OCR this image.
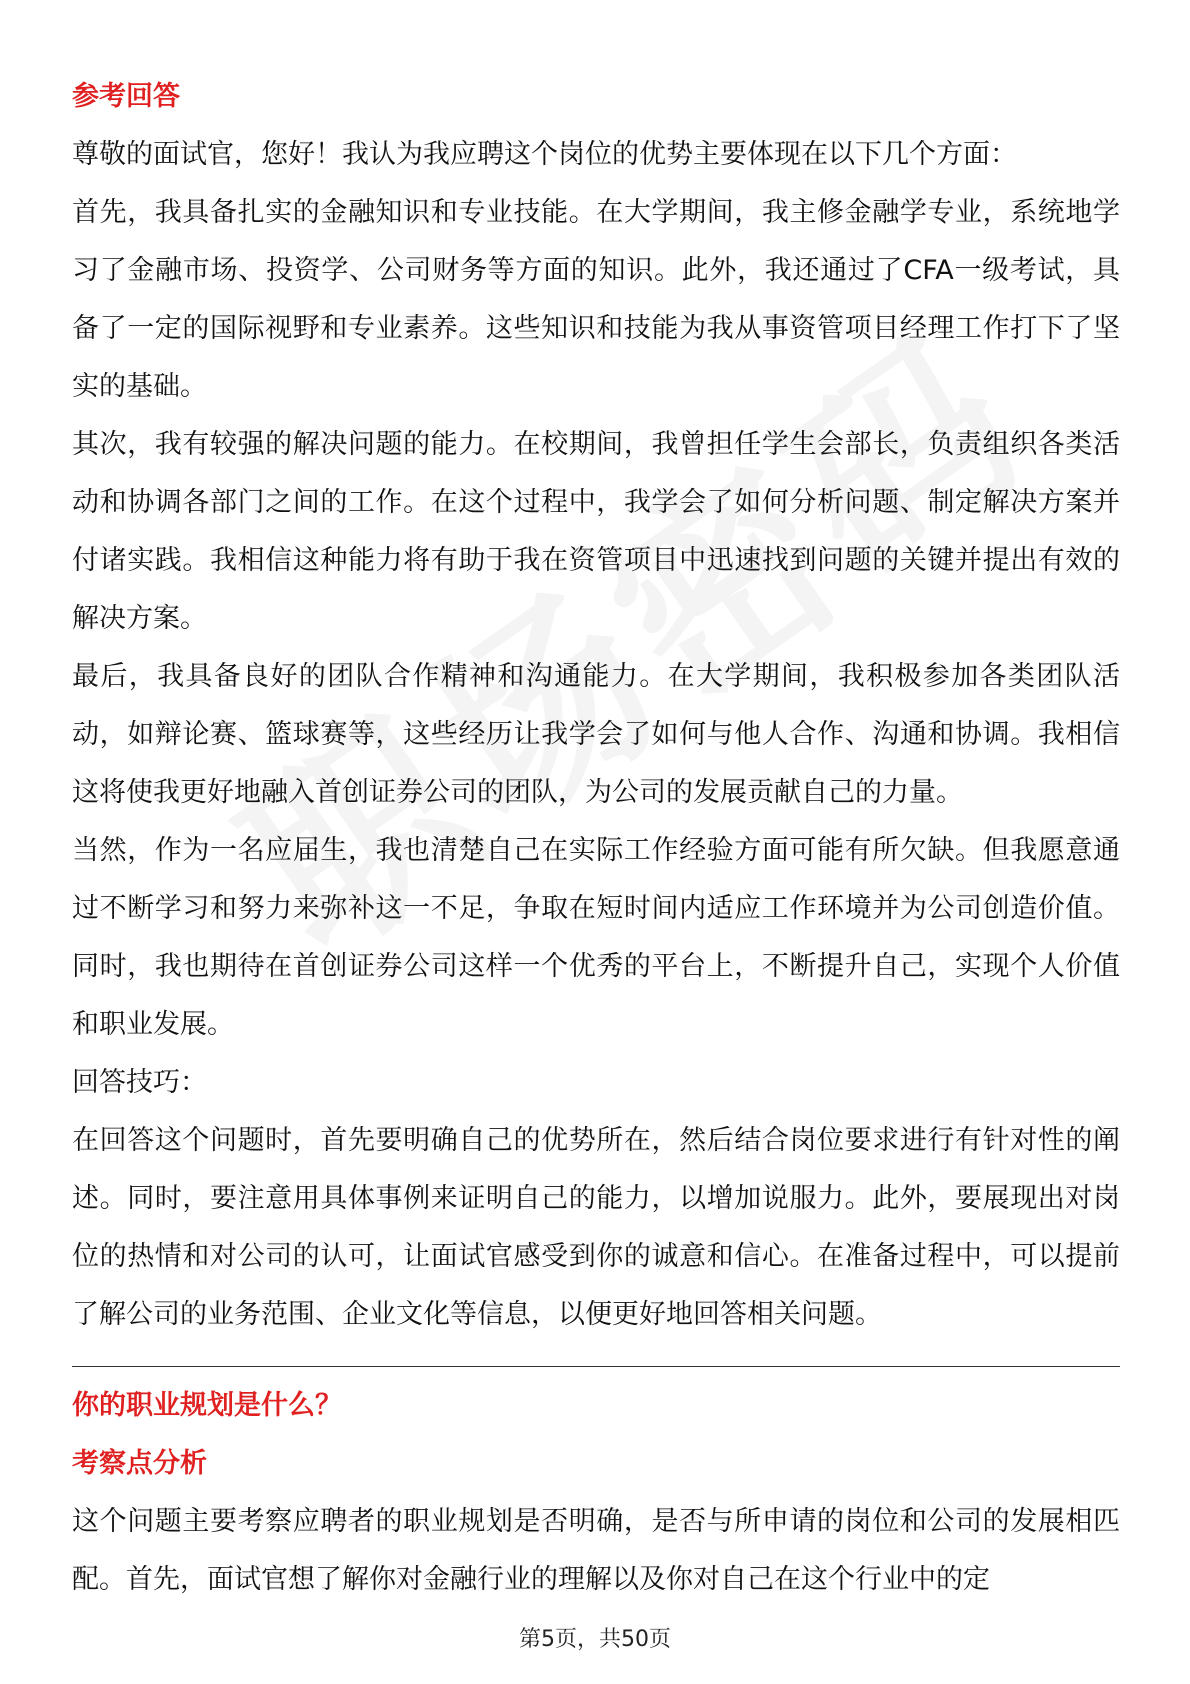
参考回答

尊敬的面试官，您好！我认为我应聘这个岗位的优势主要体现在以下几个方面：

首先，我具备扎实的金融知识和专业技能。在大学期间，我主修金融学专业，系统地学习了金融市场、投资学、公司财务等方面的知识。此外，我还通过了CFA一级考试，具备了一定的国际视野和专业素养。这些知识和技能为我从事资管项目经理工作打下了坚实的基础。

其次，我有较强的解决问题的能力。在校期间，我曾担任学生会部长，负责组织各类活动和协调各部门之间的工作。在这个过程中，我学会了如何分析问题、制定解决方案并付诸实践。我相信这种能力将有助于我在资管项目中迅速找到问题的关键并提出有效的解决方案。

最后，我具备良好的团队合作精神和沟通能力。在大学期间，我积极参加各类团队活动，如辩论赛、篮球赛等，这些经历让我学会了如何与他人合作、沟通和协调。我相信这将使我更好地融入首创证券公司的团队，为公司的发展贡献自己的力量。

当然，作为一名应届生，我也清楚自己在实际工作经验方面可能有所欠缺。但我愿意通过不断学习和努力来弥补这一不足，争取在短时间内适应工作环境并为公司创造价值。同时，我也期待在首创证券公司这样一个优秀的平台上，不断提升自己，实现个人价值和职业发展。

回答技巧：

在回答这个问题时，首先要明确自己的优势所在，然后结合岗位要求进行有针对性的阐述。同时，要注意用具体事例来证明自己的能力，以增加说服力。此外，要展现出对岗位的热情和对公司的认可，让面试官感受到你的诚意和信心。在准备过程中，可以提前了解公司的业务范围、企业文化等信息，以便更好地回答相关问题。

你的职业规划是什么？
考察点分析

这个问题主要考察应聘者的职业规划是否明确，是否与所申请的岗位和公司的发展相匹配。首先，面试官想了解你对金融行业的理解以及你对自己在这个行业中的定

第5页，共50页
